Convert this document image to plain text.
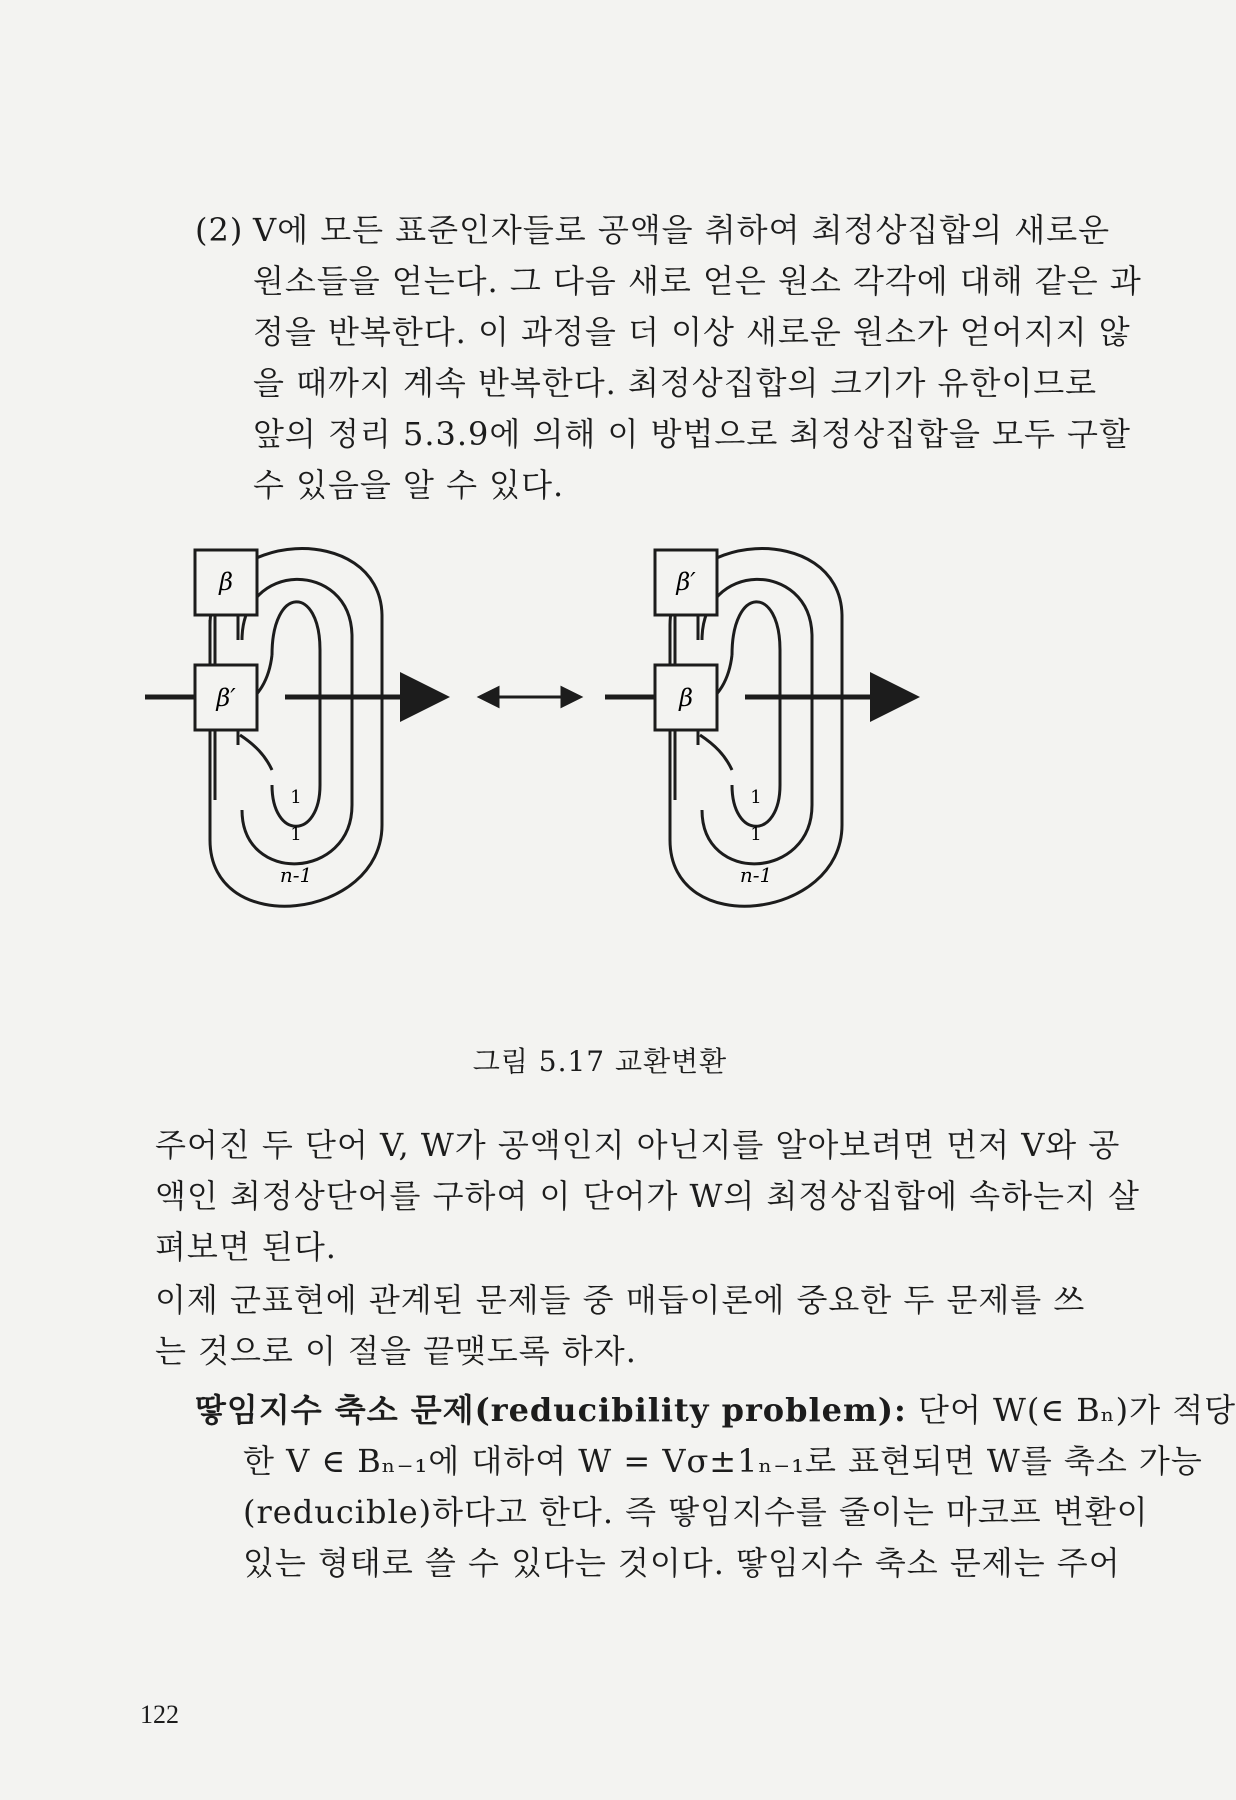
(2) V에 모든 표준인자들로 공액을 취하여 최정상집합의 새로운
원소들을 얻는다. 그 다음 새로 얻은 원소 각각에 대해 같은 과
정을 반복한다. 이 과정을 더 이상 새로운 원소가 얻어지지 않
을 때까지 계속 반복한다. 최정상집합의 크기가 유한이므로
앞의 정리 5.3.9에 의해 이 방법으로 최정상집합을 모두 구할
수 있음을 알 수 있다.
β
β′
1
1
n-1
β′
β
1
1
n-1
그림 5.17 교환변환
주어진 두 단어 V, W가 공액인지 아닌지를 알아보려면 먼저 V와 공
액인 최정상단어를 구하여 이 단어가 W의 최정상집합에 속하는지 살
펴보면 된다.
이제 군표현에 관계된 문제들 중 매듭이론에 중요한 두 문제를 쓰
는 것으로 이 절을 끝맺도록 하자.
땋임지수 축소 문제(reducibility problem): 단어 W(∈ Bₙ)가 적당
한 V ∈ Bₙ₋₁에 대하여 W = Vσ±1ₙ₋₁로 표현되면 W를 축소 가능
(reducible)하다고 한다. 즉 땋임지수를 줄이는 마코프 변환이
있는 형태로 쓸 수 있다는 것이다. 땋임지수 축소 문제는 주어
122
